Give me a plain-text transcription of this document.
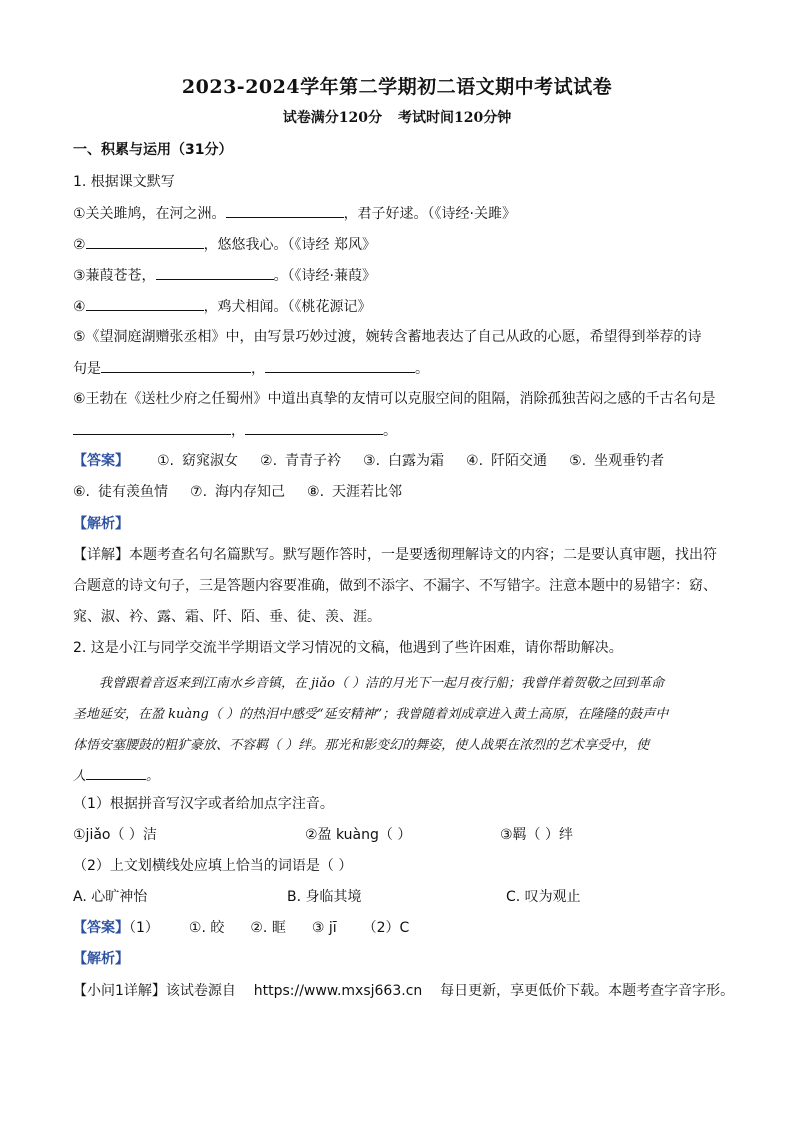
2023-2024学年第二学期初二语文期中考试试卷
试卷满分120分 考试时间120分钟
一、积累与运用（31分）
1. 根据课文默写
①关关雎鸠，在河之洲。	，君子好逑。（《诗经·关雎》
②	，悠悠我心。（《诗经 郑风》
③蒹葭苍苍，	。（《诗经·蒹葭》
④	，鸡犬相闻。（《桃花源记》
⑤《望洞庭湖赠张丞相》中，由写景巧妙过渡，婉转含蓄地表达了自己从政的心愿，希望得到举荐的诗
句是	，	。
⑥王勃在《送杜少府之任蜀州》中道出真挚的友情可以克服空间的阻隔，消除孤独苦闷之感的千古名句是
，	。
【答案】 ①. 窈窕淑女 ②. 青青子衿 ③. 白露为霜 ④. 阡陌交通 ⑤. 坐观垂钓者
⑥. 徒有羡鱼情 ⑦. 海内存知己 ⑧. 天涯若比邻
【解析】
【详解】本题考查名句名篇默写。默写题作答时，一是要透彻理解诗文的内容；二是要认真审题，找出符
合题意的诗文句子，三是答题内容要准确，做到不添字、不漏字、不写错字。注意本题中的易错字：窈、
窕、淑、衿、露、霜、阡、陌、垂、徒、羡、涯。
2. 这是小江与同学交流半学期语文学习情况的文稿，他遇到了些许困难，请你帮助解决。
我曾跟着音返来到江南水乡音镇，在 jiǎo（ ）洁的月光下一起月夜行船；我曾伴着贺敬之回到革命
圣地延安，在盈 kuàng（ ）的热泪中感受“延安精神”；我曾随着刘成章进入黄土高原，在隆隆的鼓声中
体悟安塞腰鼓的粗犷豪放、不容羁（ ）绊。那光和影变幻的舞姿，使人战栗在浓烈的艺术享受中，使
人	。
（1）根据拼音写汉字或者给加点字注音。
①jiǎo（ ）洁	②盈 kuàng（ ）	③羁（ ）绊
（2）上文划横线处应填上恰当的词语是（ ）
A. 心旷神怡	B. 身临其境	C. 叹为观止
【答案】（1） ①. 皎 ②. 眶 ③ jī （2）C
【解析】
【小问1详解】该试卷源自    https://www.mxsj663.cn    每日更新，享更低价下载。本题考查字音字形。
